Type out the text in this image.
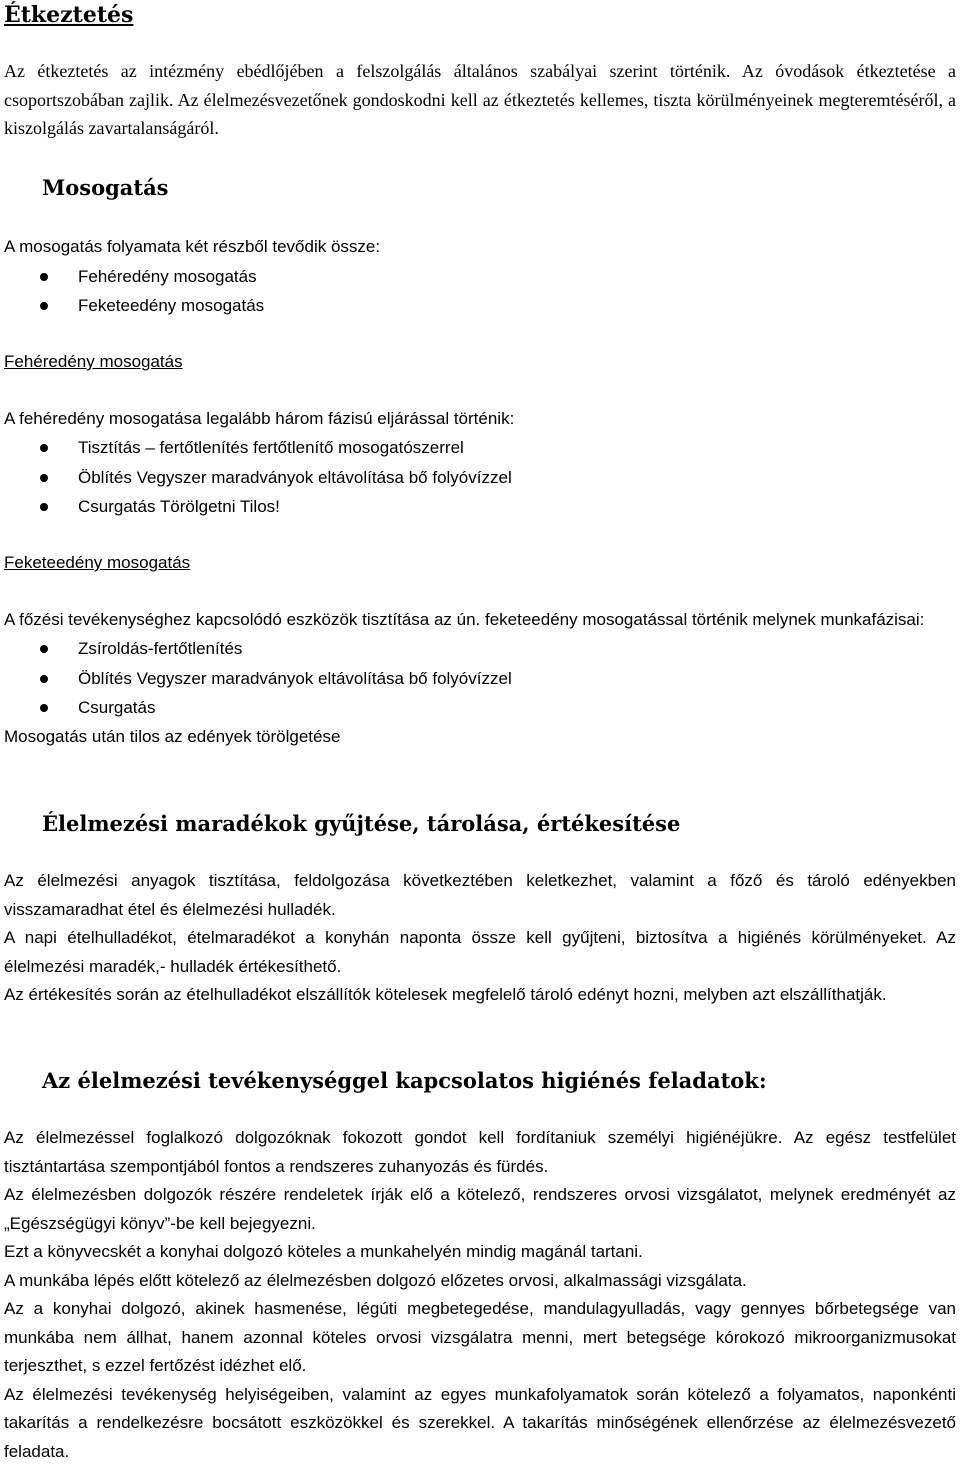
Étkeztetés

Az étkeztetés az intézmény ebédlőjében a felszolgálás általános szabályai szerint történik. Az óvodások étkeztetése a csoportszobában zajlik. Az élelmezésvezetőnek gondoskodni kell az étkeztetés kellemes, tiszta körülményeinek megteremtéséről, a kiszolgálás zavartalanságáról.

Mosogatás

A mosogatás folyamata két részből tevődik össze:

Fehéredény mosogatás
Feketeedény mosogatás

Fehéredény mosogatás

A fehéredény mosogatása legalább három fázisú eljárással történik:

Tisztítás – fertőtlenítés fertőtlenítő mosogatószerrel
Öblítés Vegyszer maradványok eltávolítása bő folyóvízzel
Csurgatás Törölgetni Tilos!

Feketeedény mosogatás

A főzési tevékenységhez kapcsolódó eszközök tisztítása az ún. feketeedény mosogatással történik melynek munkafázisai:

Zsíroldás-fertőtlenítés
Öblítés Vegyszer maradványok eltávolítása bő folyóvízzel
Csurgatás

Mosogatás után tilos az edények törölgetése

Élelmezési maradékok gyűjtése, tárolása, értékesítése

Az élelmezési anyagok tisztítása, feldolgozása következtében keletkezhet, valamint a főző és tároló edényekben visszamaradhat étel és élelmezési hulladék.

A napi ételhulladékot, ételmaradékot a konyhán naponta össze kell gyűjteni, biztosítva a higiénés körülményeket. Az élelmezési maradék,- hulladék értékesíthető.

Az értékesítés során az ételhulladékot elszállítók kötelesek megfelelő tároló edényt hozni, melyben azt elszállíthatják.

Az élelmezési tevékenységgel kapcsolatos higiénés feladatok:

Az élelmezéssel foglalkozó dolgozóknak fokozott gondot kell fordítaniuk személyi higiénéjükre. Az egész testfelület tisztántartása szempontjából fontos a rendszeres zuhanyozás és fürdés.

Az élelmezésben dolgozók részére rendeletek írják elő a kötelező, rendszeres orvosi vizsgálatot, melynek eredményét az „Egészségügyi könyv”-be kell bejegyezni.

Ezt a könyvecskét a konyhai dolgozó köteles a munkahelyén mindig magánál tartani.

A munkába lépés előtt kötelező az élelmezésben dolgozó előzetes orvosi, alkalmassági vizsgálata.

Az a konyhai dolgozó, akinek hasmenése, légúti megbetegedése, mandulagyulladás, vagy gennyes bőrbetegsége van munkába nem állhat, hanem azonnal köteles orvosi vizsgálatra menni, mert betegsége kórokozó mikroorganizmusokat terjeszthet, s ezzel fertőzést idézhet elő.

Az élelmezési tevékenység helyiségeiben, valamint az egyes munkafolyamatok során kötelező a folyamatos, naponkénti takarítás a rendelkezésre bocsátott eszközökkel és szerekkel. A takarítás minőségének ellenőrzése az élelmezésvezető feladata.
